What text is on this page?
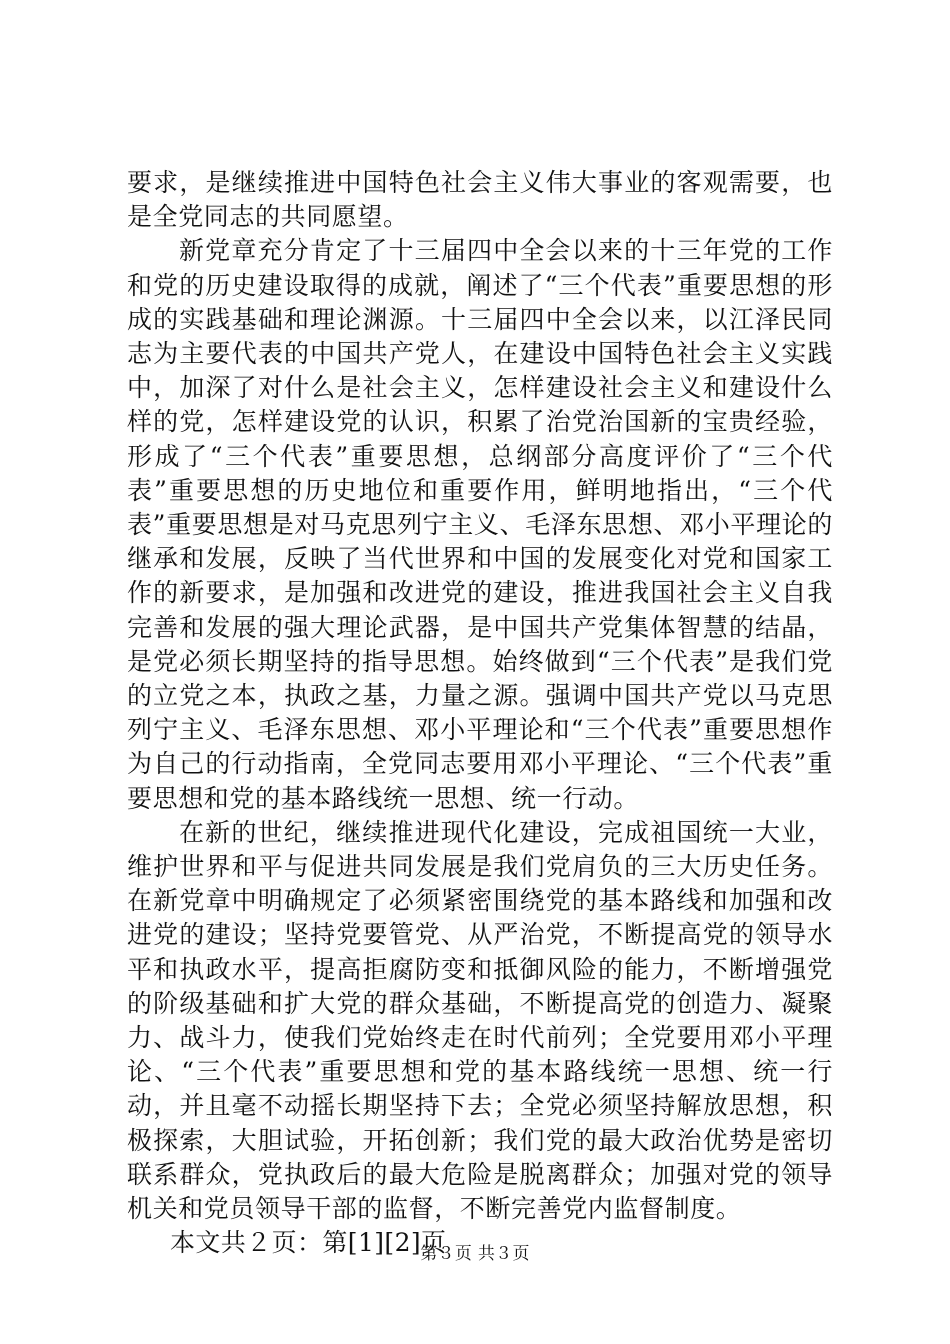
要求，是继续推进中国特色社会主义伟大事业的客观需要，也是全党同志的共同愿望。

新党章充分肯定了十三届四中全会以来的十三年党的工作和党的历史建设取得的成就，阐述了“三个代表”重要思想的形成的实践基础和理论渊源。十三届四中全会以来，以江泽民同志为主要代表的中国共产党人，在建设中国特色社会主义实践中，加深了对什么是社会主义，怎样建设社会主义和建设什么样的党，怎样建设党的认识，积累了治党治国新的宝贵经验，形成了“三个代表”重要思想，总纲部分高度评价了“三个代表”重要思想的历史地位和重要作用，鲜明地指出，“三个代表”重要思想是对马克思列宁主义、毛泽东思想、邓小平理论的继承和发展，反映了当代世界和中国的发展变化对党和国家工作的新要求，是加强和改进党的建设，推进我国社会主义自我完善和发展的强大理论武器，是中国共产党集体智慧的结晶，是党必须长期坚持的指导思想。始终做到“三个代表”是我们党的立党之本，执政之基，力量之源。强调中国共产党以马克思列宁主义、毛泽东思想、邓小平理论和“三个代表”重要思想作为自己的行动指南，全党同志要用邓小平理论、“三个代表”重要思想和党的基本路线统一思想、统一行动。

在新的世纪，继续推进现代化建设，完成祖国统一大业，维护世界和平与促进共同发展是我们党肩负的三大历史任务。在新党章中明确规定了必须紧密围绕党的基本路线和加强和改进党的建设；坚持党要管党、从严治党，不断提高党的领导水平和执政水平，提高拒腐防变和抵御风险的能力，不断增强党的阶级基础和扩大党的群众基础，不断提高党的创造力、凝聚力、战斗力，使我们党始终走在时代前列；全党要用邓小平理论、“三个代表”重要思想和党的基本路线统一思想、统一行动，并且毫不动摇长期坚持下去；全党必须坚持解放思想，积极探索，大胆试验，开拓创新；我们党的最大政治优势是密切联系群众，党执政后的最大危险是脱离群众；加强对党的领导机关和党员领导干部的监督，不断完善党内监督制度。

本文共２页：第[1][2]页

第３页 共３页
